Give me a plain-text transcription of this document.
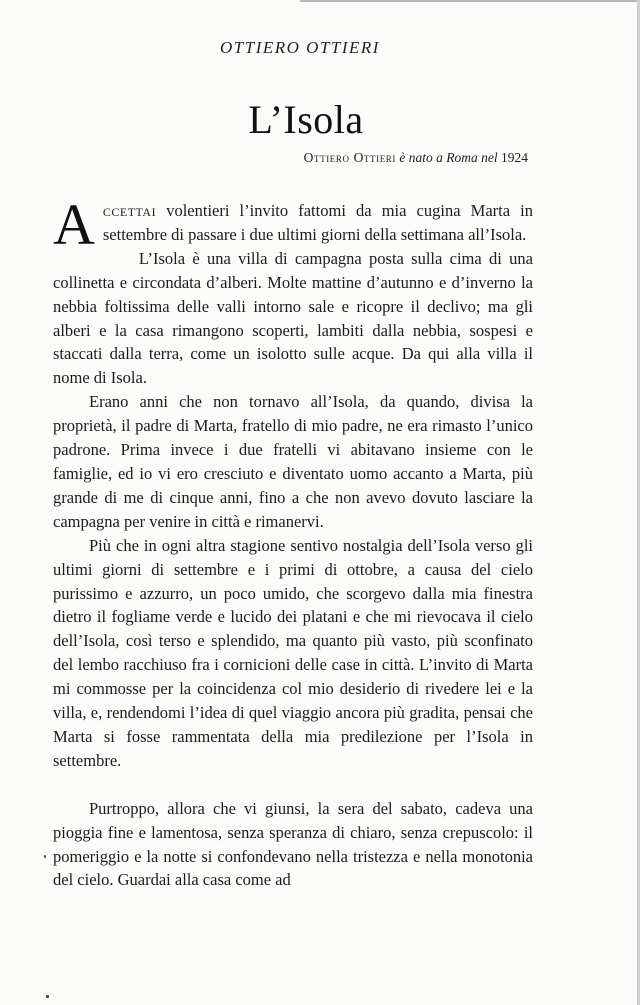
OTTIERO OTTIERI
L’Isola
Ottiero Ottieri è nato a Roma nel 1924

Accettai volentieri l’invito fattomi da mia cugina Marta in settembre di passare i due ultimi giorni della settimana all’Isola.

L’Isola è una villa di campagna posta sulla cima di una collinetta e circondata d’alberi. Molte mattine d’autunno e d’inverno la nebbia foltissima delle valli intorno sale e ricopre il declivo; ma gli alberi e la casa rimangono scoperti, lambiti dalla nebbia, sospesi e staccati dalla terra, come un isolotto sulle acque. Da qui alla villa il nome di Isola.

Erano anni che non tornavo all’Isola, da quando, divisa la proprietà, il padre di Marta, fratello di mio padre, ne era rimasto l’unico padrone. Prima invece i due fratelli vi abitavano insieme con le famiglie, ed io vi ero cresciuto e diventato uomo accanto a Marta, più grande di me di cinque anni, fino a che non avevo dovuto lasciare la campagna per venire in città e rimanervi.

Più che in ogni altra stagione sentivo nostalgia dell’Isola verso gli ultimi giorni di settembre e i primi di ottobre, a causa del cielo purissimo e azzurro, un poco umido, che scorgevo dalla mia finestra dietro il fogliame verde e lucido dei platani e che mi rievocava il cielo dell’Isola, così terso e splendido, ma quanto più vasto, più sconfinato del lembo racchiuso fra i cornicioni delle case in città. L’invito di Marta mi commosse per la coincidenza col mio desiderio di rivedere lei e la villa, e, rendendomi l’idea di quel viaggio ancora più gradita, pensai che Marta si fosse rammentata della mia predilezione per l’Isola in settembre.

Purtroppo, allora che vi giunsi, la sera del sabato, cadeva una pioggia fine e lamentosa, senza speranza di chiaro, senza crepuscolo: il pomeriggio e la notte si confondevano nella tristezza e nella monotonia del cielo. Guardai alla casa come ad
